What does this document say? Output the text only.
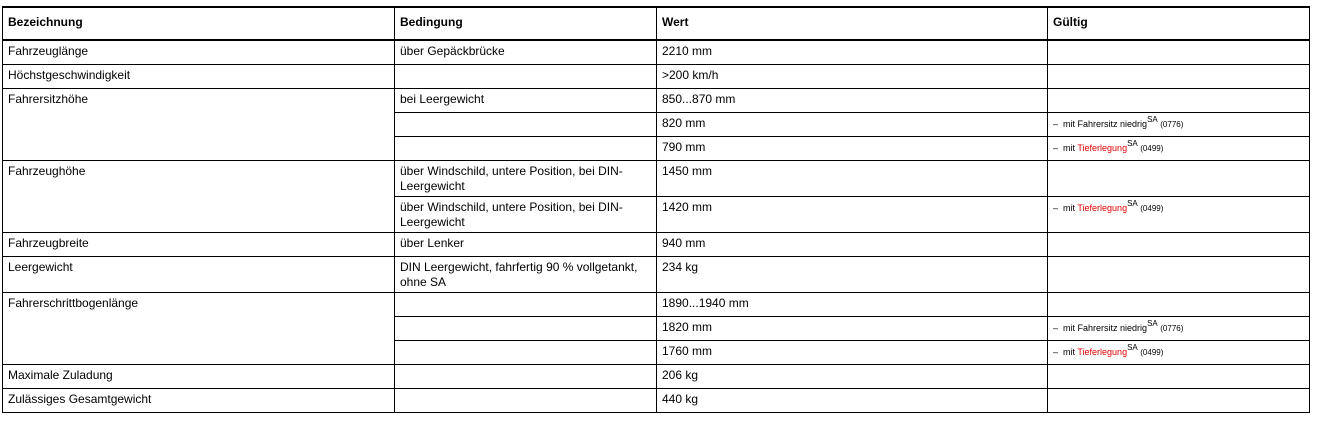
Bezeichnung	Bedingung	Wert	Gültig
Fahrzeuglänge	über Gepäckbrücke	2210 mm	
Höchstgeschwindigkeit		>200 km/h	
Fahrersitzhöhe	bei Leergewicht	850...870 mm	
		820 mm	– mit Fahrersitz niedrig$^{SA}$ (0776)
		790 mm	– mit Tieferlegung$^{SA}$ (0499)
Fahrzeughöhe	über Windschild, untere Position, bei DIN-Leergewicht	1450 mm	
	über Windschild, untere Position, bei DIN-Leergewicht	1420 mm	– mit Tieferlegung$^{SA}$ (0499)
Fahrzeugbreite	über Lenker	940 mm	
Leergewicht	DIN Leergewicht, fahrfertig 90 % vollgetankt, ohne SA	234 kg	
Fahrerschrittbogenlänge		1890...1940 mm	
		1820 mm	– mit Fahrersitz niedrig$^{SA}$ (0776)
		1760 mm	– mit Tieferlegung$^{SA}$ (0499)
Maximale Zuladung		206 kg	
Zulässiges Gesamtgewicht		440 kg	
